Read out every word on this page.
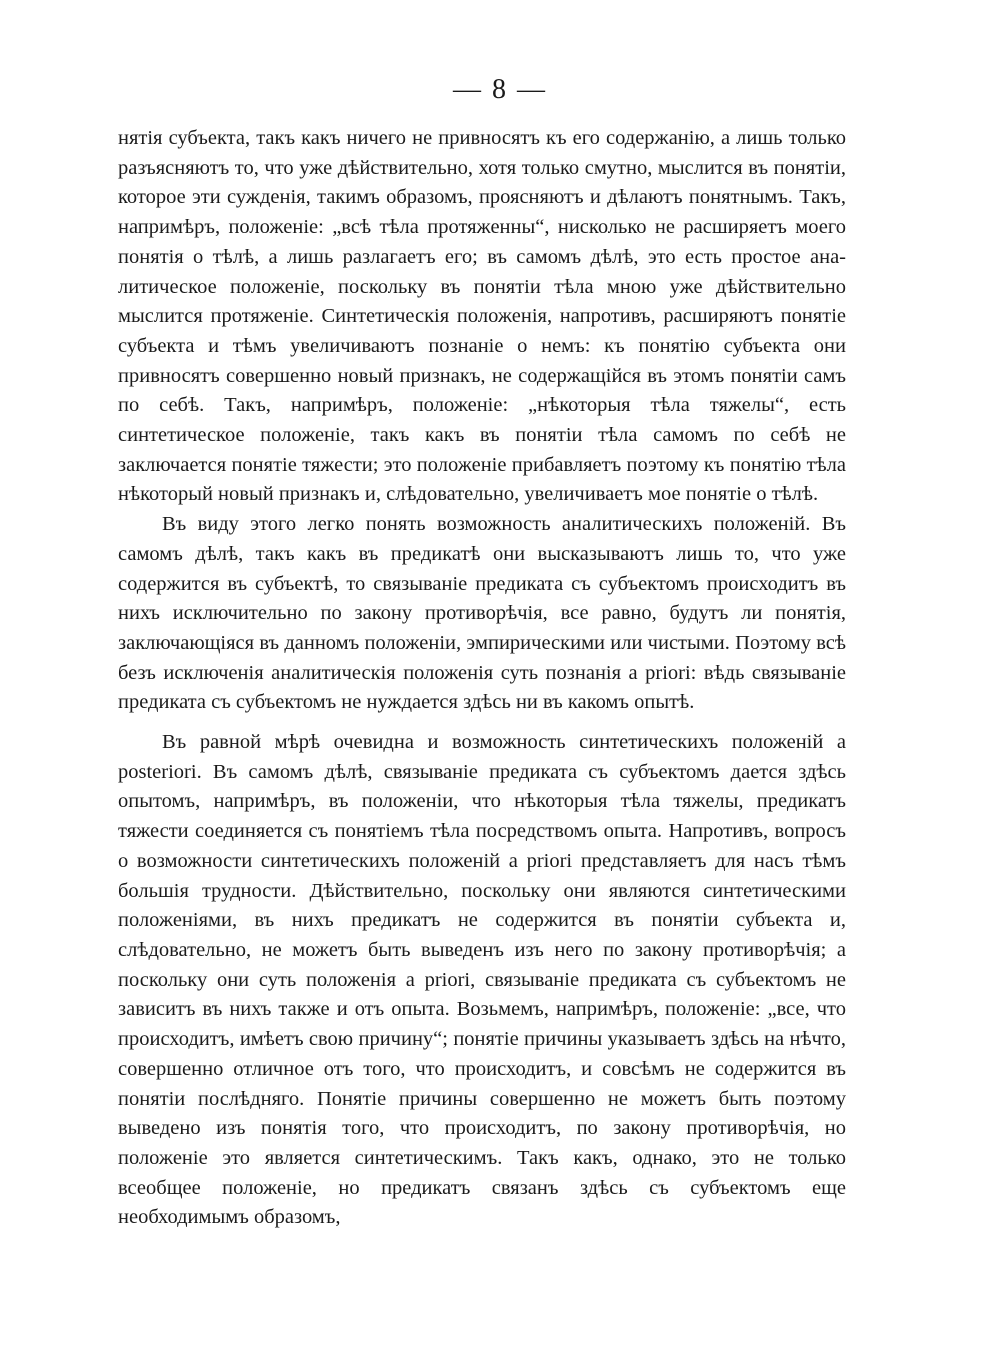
— 8 —

нятія субъекта, такъ какъ ничего не привносятъ къ его содержанію, а лишь только разъясняютъ то, что уже дѣйствительно, хотя только смутно, мыслится въ понятіи, которое эти сужденія, такимъ образомъ, проясняютъ и дѣлаютъ понятнымъ. Такъ, напримѣръ, положеніе: „всѣ тѣла протяженны“, нисколько не расширяетъ моего понятія о тѣлѣ, а лишь разлагаетъ его; въ самомъ дѣлѣ, это есть простое аналитическое положеніе, поскольку въ понятіи тѣла мною уже дѣйствительно мыслится протяженіе. Синтетическія положенія, напротивъ, расширяютъ понятіе субъекта и тѣмъ увеличиваютъ познаніе о немъ: къ понятію субъекта они привносятъ совершенно новый признакъ, не содержащійся въ этомъ понятіи самъ по себѣ. Такъ, напримѣръ, положеніе: „нѣкоторыя тѣла тяжелы“, есть синтетическое положеніе, такъ какъ въ понятіи тѣла самомъ по себѣ не заключается понятіе тяжести; это положеніе прибавляетъ поэтому къ понятію тѣла нѣкоторый новый признакъ и, слѣдовательно, увеличиваетъ мое понятіе о тѣлѣ.

Въ виду этого легко понять возможность аналитическихъ положеній. Въ самомъ дѣлѣ, такъ какъ въ предикатѣ они высказываютъ лишь то, что уже содержится въ субъектѣ, то связываніе предиката съ субъектомъ происходитъ въ нихъ исключительно по закону противорѣчія, все равно, будутъ ли понятія, заключающіяся въ данномъ положеніи, эмпирическими или чистыми. Поэтому всѣ безъ исключенія аналитическія положенія суть познанія a priori: вѣдь связываніе предиката съ субъектомъ не нуждается здѣсь ни въ какомъ опытѣ.

Въ равной мѣрѣ очевидна и возможность синтетическихъ положеній a posteriori. Въ самомъ дѣлѣ, связываніе предиката съ субъектомъ дается здѣсь опытомъ, напримѣръ, въ положеніи, что нѣкоторыя тѣла тяжелы, предикатъ тяжести соединяется съ понятіемъ тѣла посредствомъ опыта. Напротивъ, вопросъ о возможности синтетическихъ положеній a priori представляетъ для насъ тѣмъ большія трудности. Дѣйствительно, поскольку они являются синтетическими положеніями, въ нихъ предикатъ не содержится въ понятіи субъекта и, слѣдовательно, не можетъ быть выведенъ изъ него по закону противорѣчія; а поскольку они суть положенія a priori, связываніе предиката съ субъектомъ не зависитъ въ нихъ также и отъ опыта. Возьмемъ, напримѣръ, положеніе: „все, что происходитъ, имѣетъ свою причину“; понятіе причины указываетъ здѣсь на нѣчто, совершенно отличное отъ того, что происходитъ, и совсѣмъ не содержится въ понятіи послѣдняго. Понятіе причины совершенно не можетъ быть поэтому выведено изъ понятія того, что происходитъ, по закону противорѣчія, но положеніе это является синтетическимъ. Такъ какъ, однако, это не только всеобщее положеніе, но предикатъ связанъ здѣсь съ субъектомъ еще необходимымъ образомъ,
